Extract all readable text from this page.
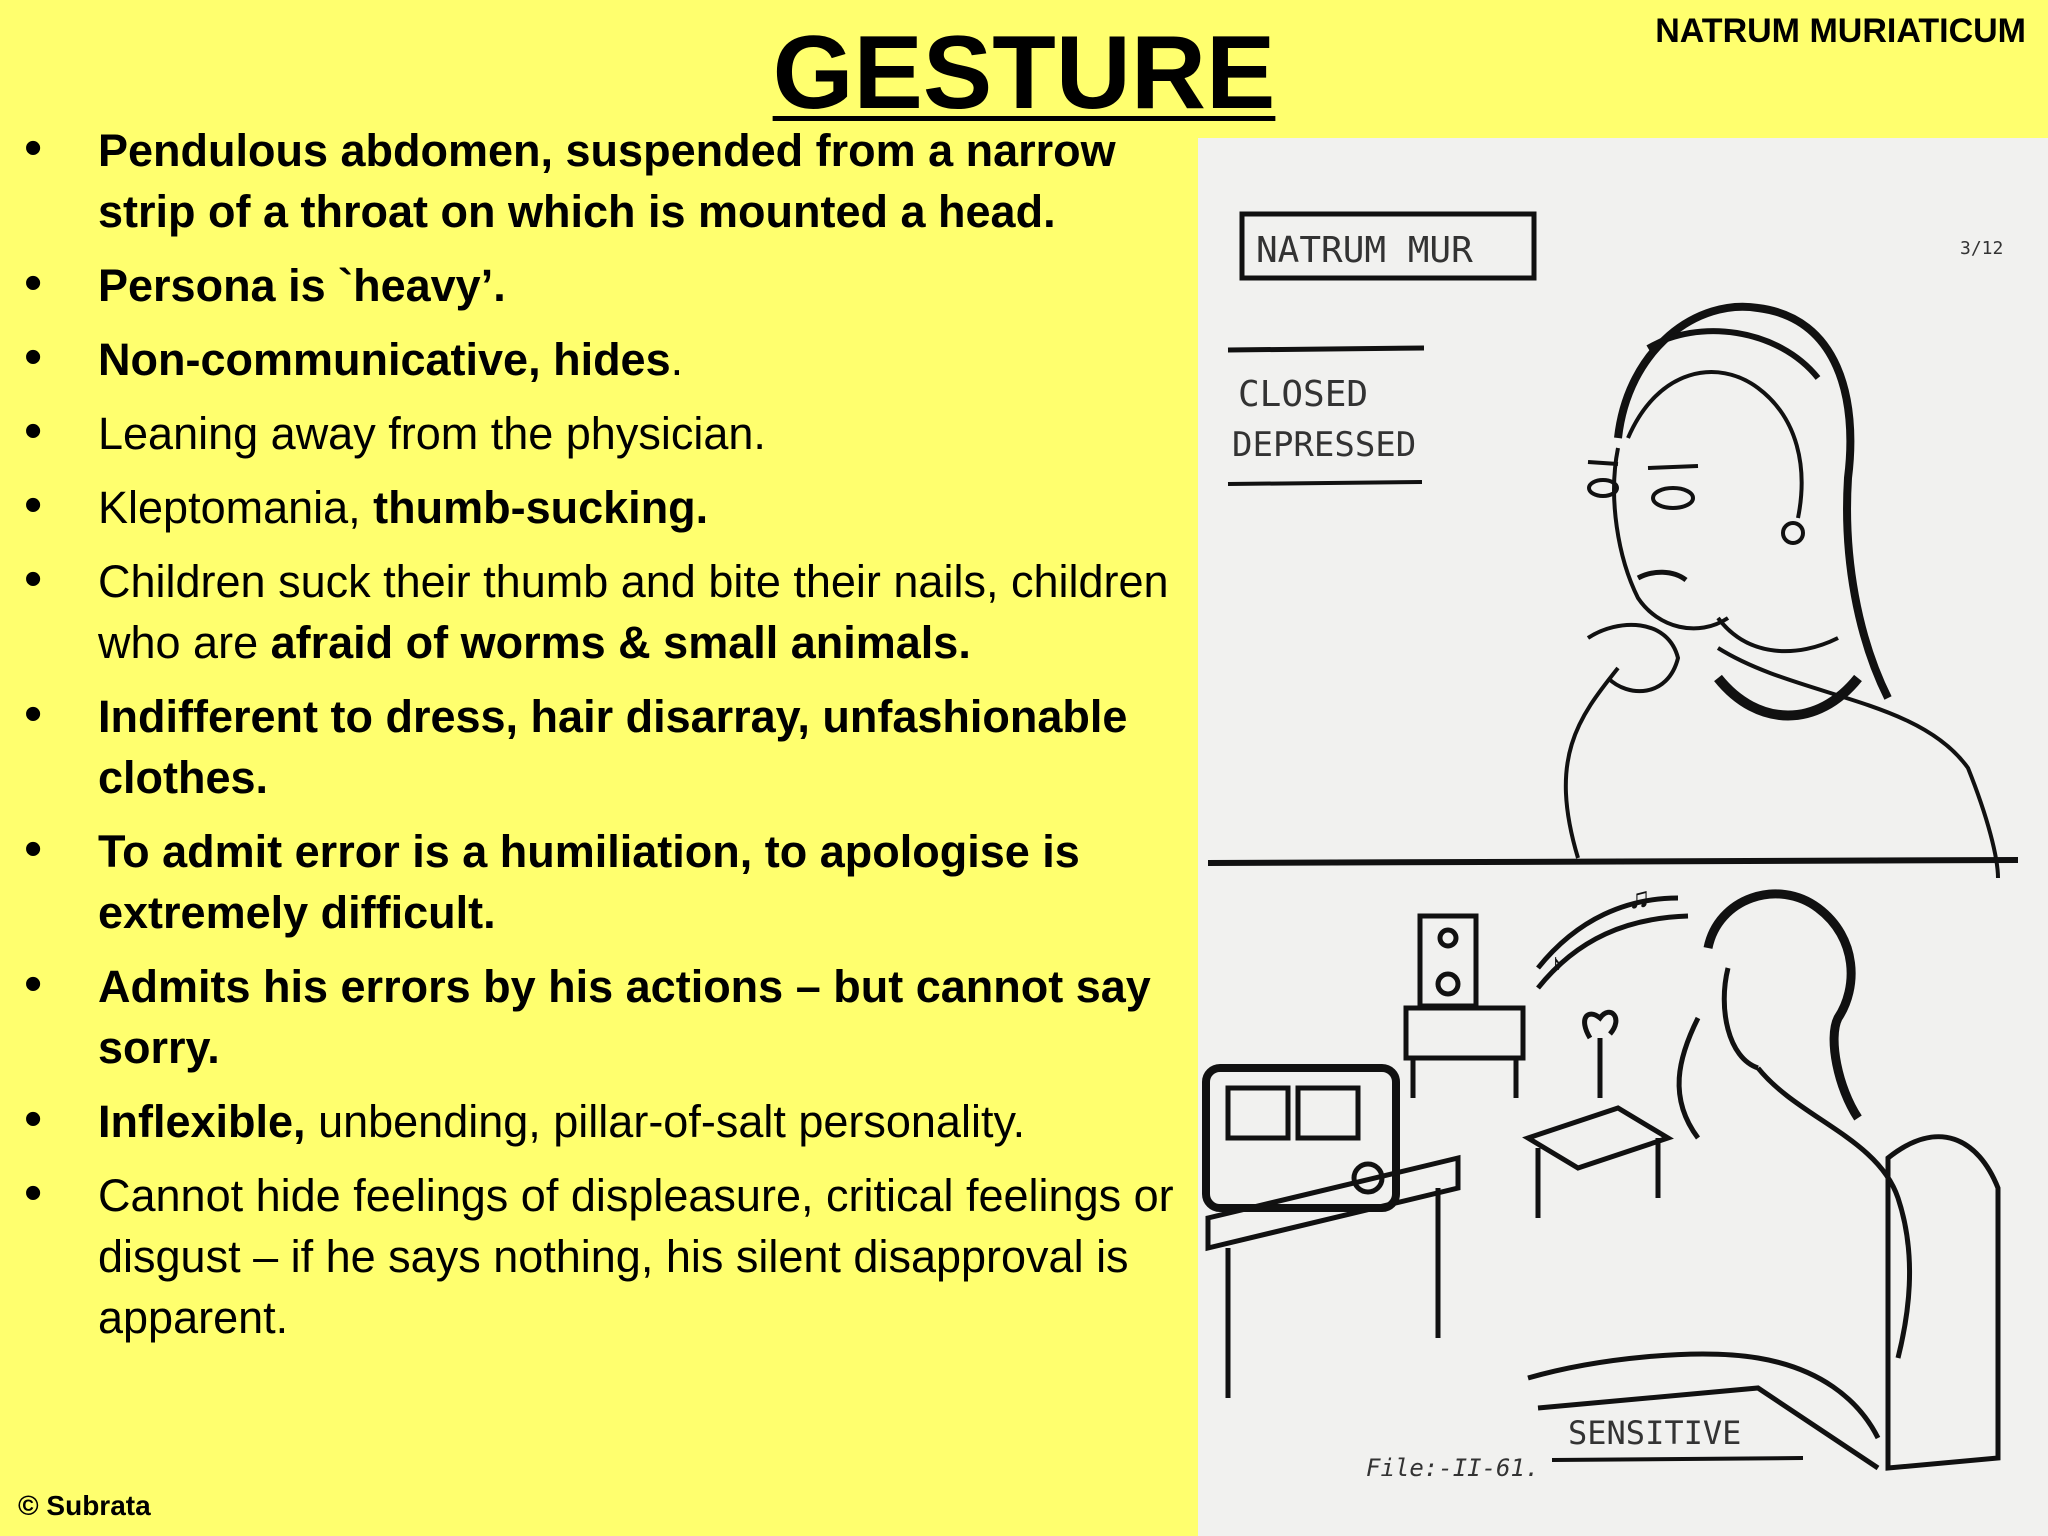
GESTURE	NATRUM MURIATICUM
• Pendulous abdomen, suspended from a narrow strip of a throat on which is mounted a head.
• Persona is `heavy’.
• Non-communicative, hides.
• Leaning away from the physician.
• Kleptomania, thumb-sucking.
• Children suck their thumb and bite their nails, children who are afraid of worms & small animals.
• Indifferent to dress, hair disarray, unfashionable clothes.
• To admit error is a humiliation, to apologise is extremely difficult.
• Admits his errors by his actions – but cannot say sorry.
• Inflexible, unbending, pillar-of-salt personality.
• Cannot hide feelings of displeasure, critical feelings or disgust – if he says nothing, his silent disapproval is apparent.
© Subrata
NATRUM MUR	3/12
CLOSED
DEPRESSED
♪
♫
SENSITIVE
File:-II-61.
